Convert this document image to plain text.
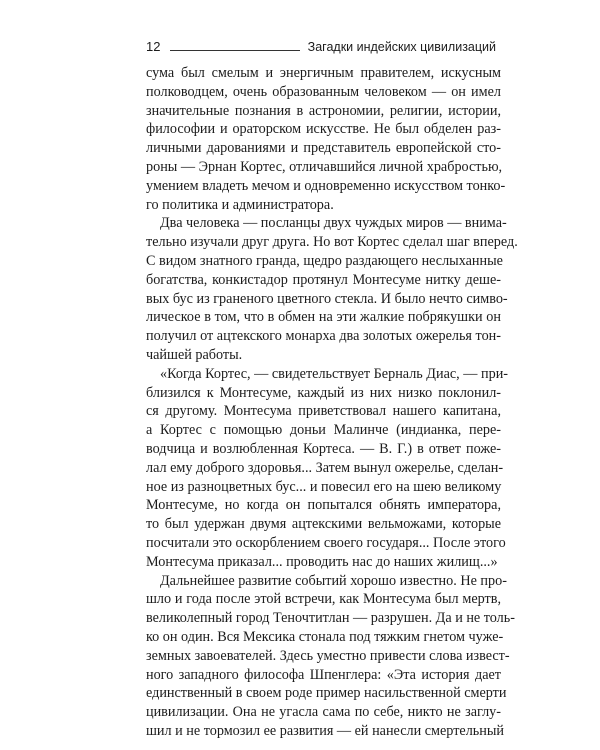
12	Загадки индейских цивилизаций
сума был смелым и энергичным правителем, искусным
полководцем, очень образованным человеком — он имел
значительные познания в астрономии, религии, истории,
философии и ораторском искусстве. Не был обделен раз-
личными дарованиями и представитель европейской сто-
роны — Эрнан Кортес, отличавшийся личной храбростью,
умением владеть мечом и одновременно искусством тонко-
го политика и администратора.
Два человека — посланцы двух чуждых миров — внима-
тельно изучали друг друга. Но вот Кортес сделал шаг вперед.
С видом знатного гранда, щедро раздающего неслыханные
богатства, конкистадор протянул Монтесуме нитку деше-
вых бус из граненого цветного стекла. И было нечто симво-
лическое в том, что в обмен на эти жалкие побрякушки он
получил от ацтекского монарха два золотых ожерелья тон-
чайшей работы.
«Когда Кортес, — свидетельствует Берналь Диас, — при-
близился к Монтесуме, каждый из них низко поклонил-
ся другому. Монтесума приветствовал нашего капитана,
а Кортес с помощью доньи Малинче (индианка, пере-
водчица и возлюбленная Кортеса. — В. Г.) в ответ поже-
лал ему доброго здоровья... Затем вынул ожерелье, сделан-
ное из разноцветных бус... и повесил его на шею великому
Монтесуме, но когда он попытался обнять императора,
то был удержан двумя ацтекскими вельможами, которые
посчитали это оскорблением своего государя... После этого
Монтесума приказал... проводить нас до наших жилищ...»
Дальнейшее развитие событий хорошо известно. Не про-
шло и года после этой встречи, как Монтесума был мертв,
великолепный город Теночтитлан — разрушен. Да и не толь-
ко он один. Вся Мексика стонала под тяжким гнетом чуже-
земных завоевателей. Здесь уместно привести слова извест-
ного западного философа Шпенглера: «Эта история дает
единственный в своем роде пример насильственной смерти
цивилизации. Она не угасла сама по себе, никто не заглу-
шил и не тормозил ее развития — ей нанесли смертельный
